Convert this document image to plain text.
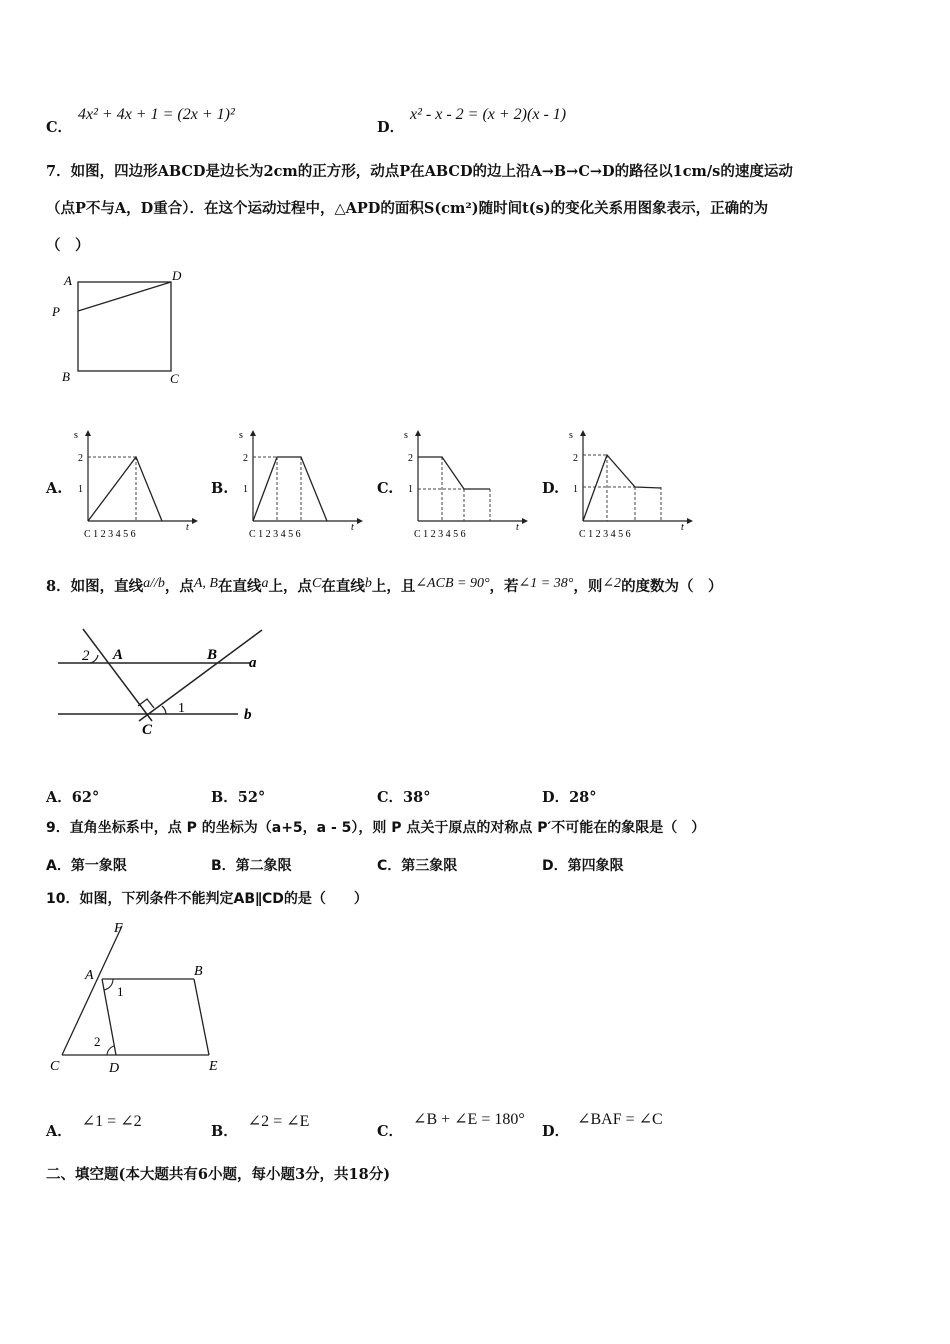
C．
4x² + 4x + 1 = (2x + 1)²
D．
x² - x - 2 = (x + 2)(x - 1)
7．如图，四边形ABCD是边长为2cm的正方形，动点P在ABCD的边上沿A→B→C→D的路径以1cm/s的速度运动
（点P不与A，D重合）．在这个运动过程中，△APD的面积S(cm²)随时间t(s)的变化关系用图象表示，正确的为
（　）
A	D
P
B	C
A.
s
t
2
1
C 1 2 3 4 5 6
B.
s
t
2
1
C 1 2 3 4 5 6
C.
s
t
2
1
C 1 2 3 4 5 6
D.
s
t
2
1
C 1 2 3 4 5 6
8．如图，直线a//b，点A, B在直线a上，点C在直线b上，且∠ACB = 90°，若∠1 = 38°，则∠2的度数为（　）
2 A	B a
C
1	b
A．62°	B．52°	C．38°	D．28°
9．直角坐标系中，点 P 的坐标为（a+5，a - 5），则 P 点关于原点的对称点 P′不可能在的象限是（　）
A．第一象限	B．第二象限	C．第三象限	D．第四象限
10．如图，下列条件不能判定AB∥CD的是（　　）
F
A	B
1
2
C	D	E
A．∠1 = ∠2
B．∠2 = ∠E
C．∠B + ∠E = 180°
D．∠BAF = ∠C
二、填空题(本大题共有6小题，每小题3分，共18分)
